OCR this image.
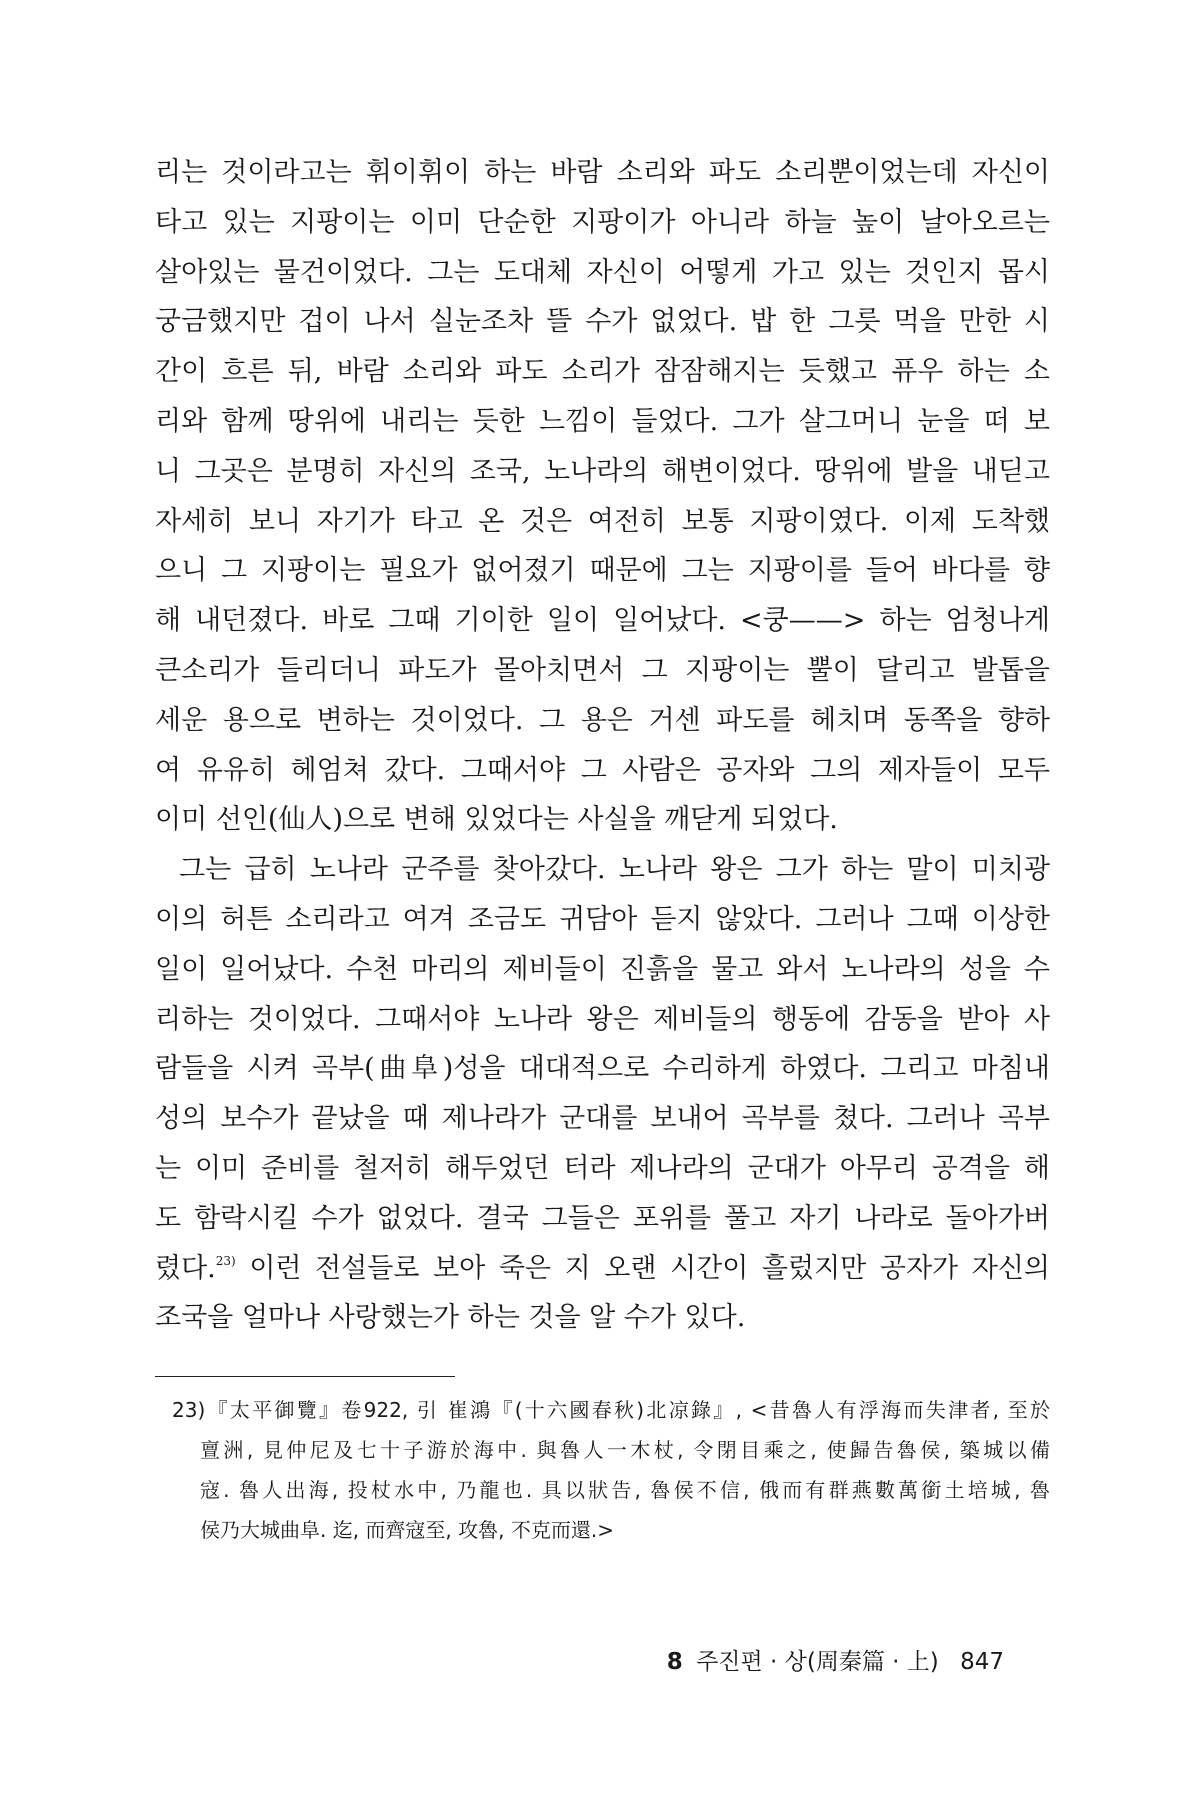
리는 것이라고는 휘이휘이 하는 바람 소리와 파도 소리뿐이었는데 자신이
타고 있는 지팡이는 이미 단순한 지팡이가 아니라 하늘 높이 날아오르는
살아있는 물건이었다. 그는 도대체 자신이 어떻게 가고 있는 것인지 몹시
궁금했지만 겁이 나서 실눈조차 뜰 수가 없었다. 밥 한 그릇 먹을 만한 시
간이 흐른 뒤, 바람 소리와 파도 소리가 잠잠해지는 듯했고 퓨우 하는 소
리와 함께 땅위에 내리는 듯한 느낌이 들었다. 그가 살그머니 눈을 떠 보
니 그곳은 분명히 자신의 조국, 노나라의 해변이었다. 땅위에 발을 내딛고
자세히 보니 자기가 타고 온 것은 여전히 보통 지팡이였다. 이제 도착했
으니 그 지팡이는 필요가 없어졌기 때문에 그는 지팡이를 들어 바다를 향
해 내던졌다. 바로 그때 기이한 일이 일어났다. <쿵——> 하는 엄청나게
큰소리가 들리더니 파도가 몰아치면서 그 지팡이는 뿔이 달리고 발톱을
세운 용으로 변하는 것이었다. 그 용은 거센 파도를 헤치며 동쪽을 향하
여 유유히 헤엄쳐 갔다. 그때서야 그 사람은 공자와 그의 제자들이 모두
이미 선인(仙人)으로 변해 있었다는 사실을 깨닫게 되었다.
그는 급히 노나라 군주를 찾아갔다. 노나라 왕은 그가 하는 말이 미치광
이의 허튼 소리라고 여겨 조금도 귀담아 듣지 않았다. 그러나 그때 이상한
일이 일어났다. 수천 마리의 제비들이 진흙을 물고 와서 노나라의 성을 수
리하는 것이었다. 그때서야 노나라 왕은 제비들의 행동에 감동을 받아 사
람들을 시켜 곡부(曲阜)성을 대대적으로 수리하게 하였다. 그리고 마침내
성의 보수가 끝났을 때 제나라가 군대를 보내어 곡부를 쳤다. 그러나 곡부
는 이미 준비를 철저히 해두었던 터라 제나라의 군대가 아무리 공격을 해
도 함락시킬 수가 없었다. 결국 그들은 포위를 풀고 자기 나라로 돌아가버
렸다.$^{23)}$ 이런 전설들로 보아 죽은 지 오랜 시간이 흘렀지만 공자가 자신의
조국을 얼마나 사랑했는가 하는 것을 알 수가 있다.
23)『太平御覽』卷922, 引 崔鴻『(十六國春秋)北凉錄』, <昔魯人有浮海而失津者, 至於
亶洲, 見仲尼及七十子游於海中. 與魯人一木杖, 令閉目乘之, 使歸告魯侯, 築城以備
寇. 魯人出海, 投杖水中, 乃龍也. 具以狀告, 魯侯不信, 俄而有群燕數萬銜土培城, 魯
侯乃大城曲阜. 迄, 而齊寇至, 攻魯, 不克而還.>
8 주진편 · 상(周秦篇 · 上) 847
